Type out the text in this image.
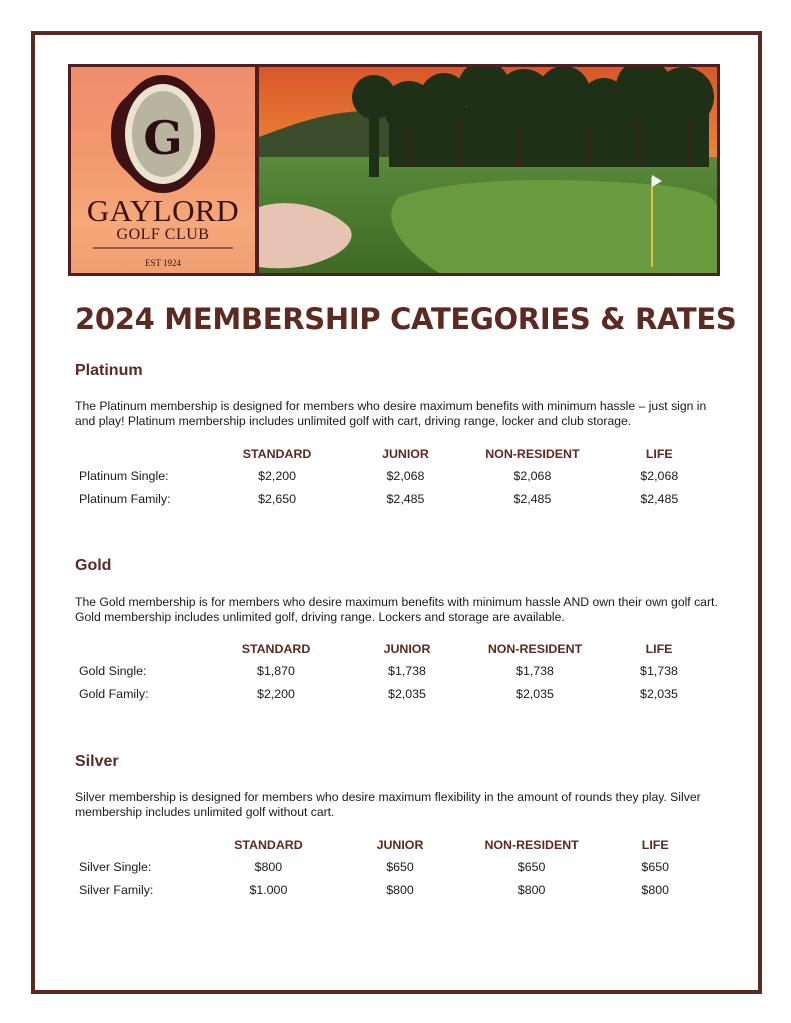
G
GAYLORD
GOLF CLUB
EST 1924
2024 MEMBERSHIP CATEGORIES & RATES
Platinum

The Platinum membership is designed for members who desire maximum benefits with minimum hassle – just sign in and play! Platinum membership includes unlimited golf with cart, driving range, locker and club storage.

	STANDARD	JUNIOR	NON-RESIDENT	LIFE
Platinum Single:	$2,200	$2,068	$2,068	$2,068
Platinum Family:	$2,650	$2,485	$2,485	$2,485
Gold

The Gold membership is for members who desire maximum benefits with minimum hassle AND own their own golf cart. Gold membership includes unlimited golf, driving range. Lockers and storage are available.

	STANDARD	JUNIOR	NON-RESIDENT	LIFE
Gold Single:	$1,870	$1,738	$1,738	$1,738
Gold Family:	$2,200	$2,035	$2,035	$2,035
Silver

Silver membership is designed for members who desire maximum flexibility in the amount of rounds they play. Silver membership includes unlimited golf without cart.

	STANDARD	JUNIOR	NON-RESIDENT	LIFE
Silver Single:	$800	$650	$650	$650
Silver Family:	$1.000	$800	$800	$800
